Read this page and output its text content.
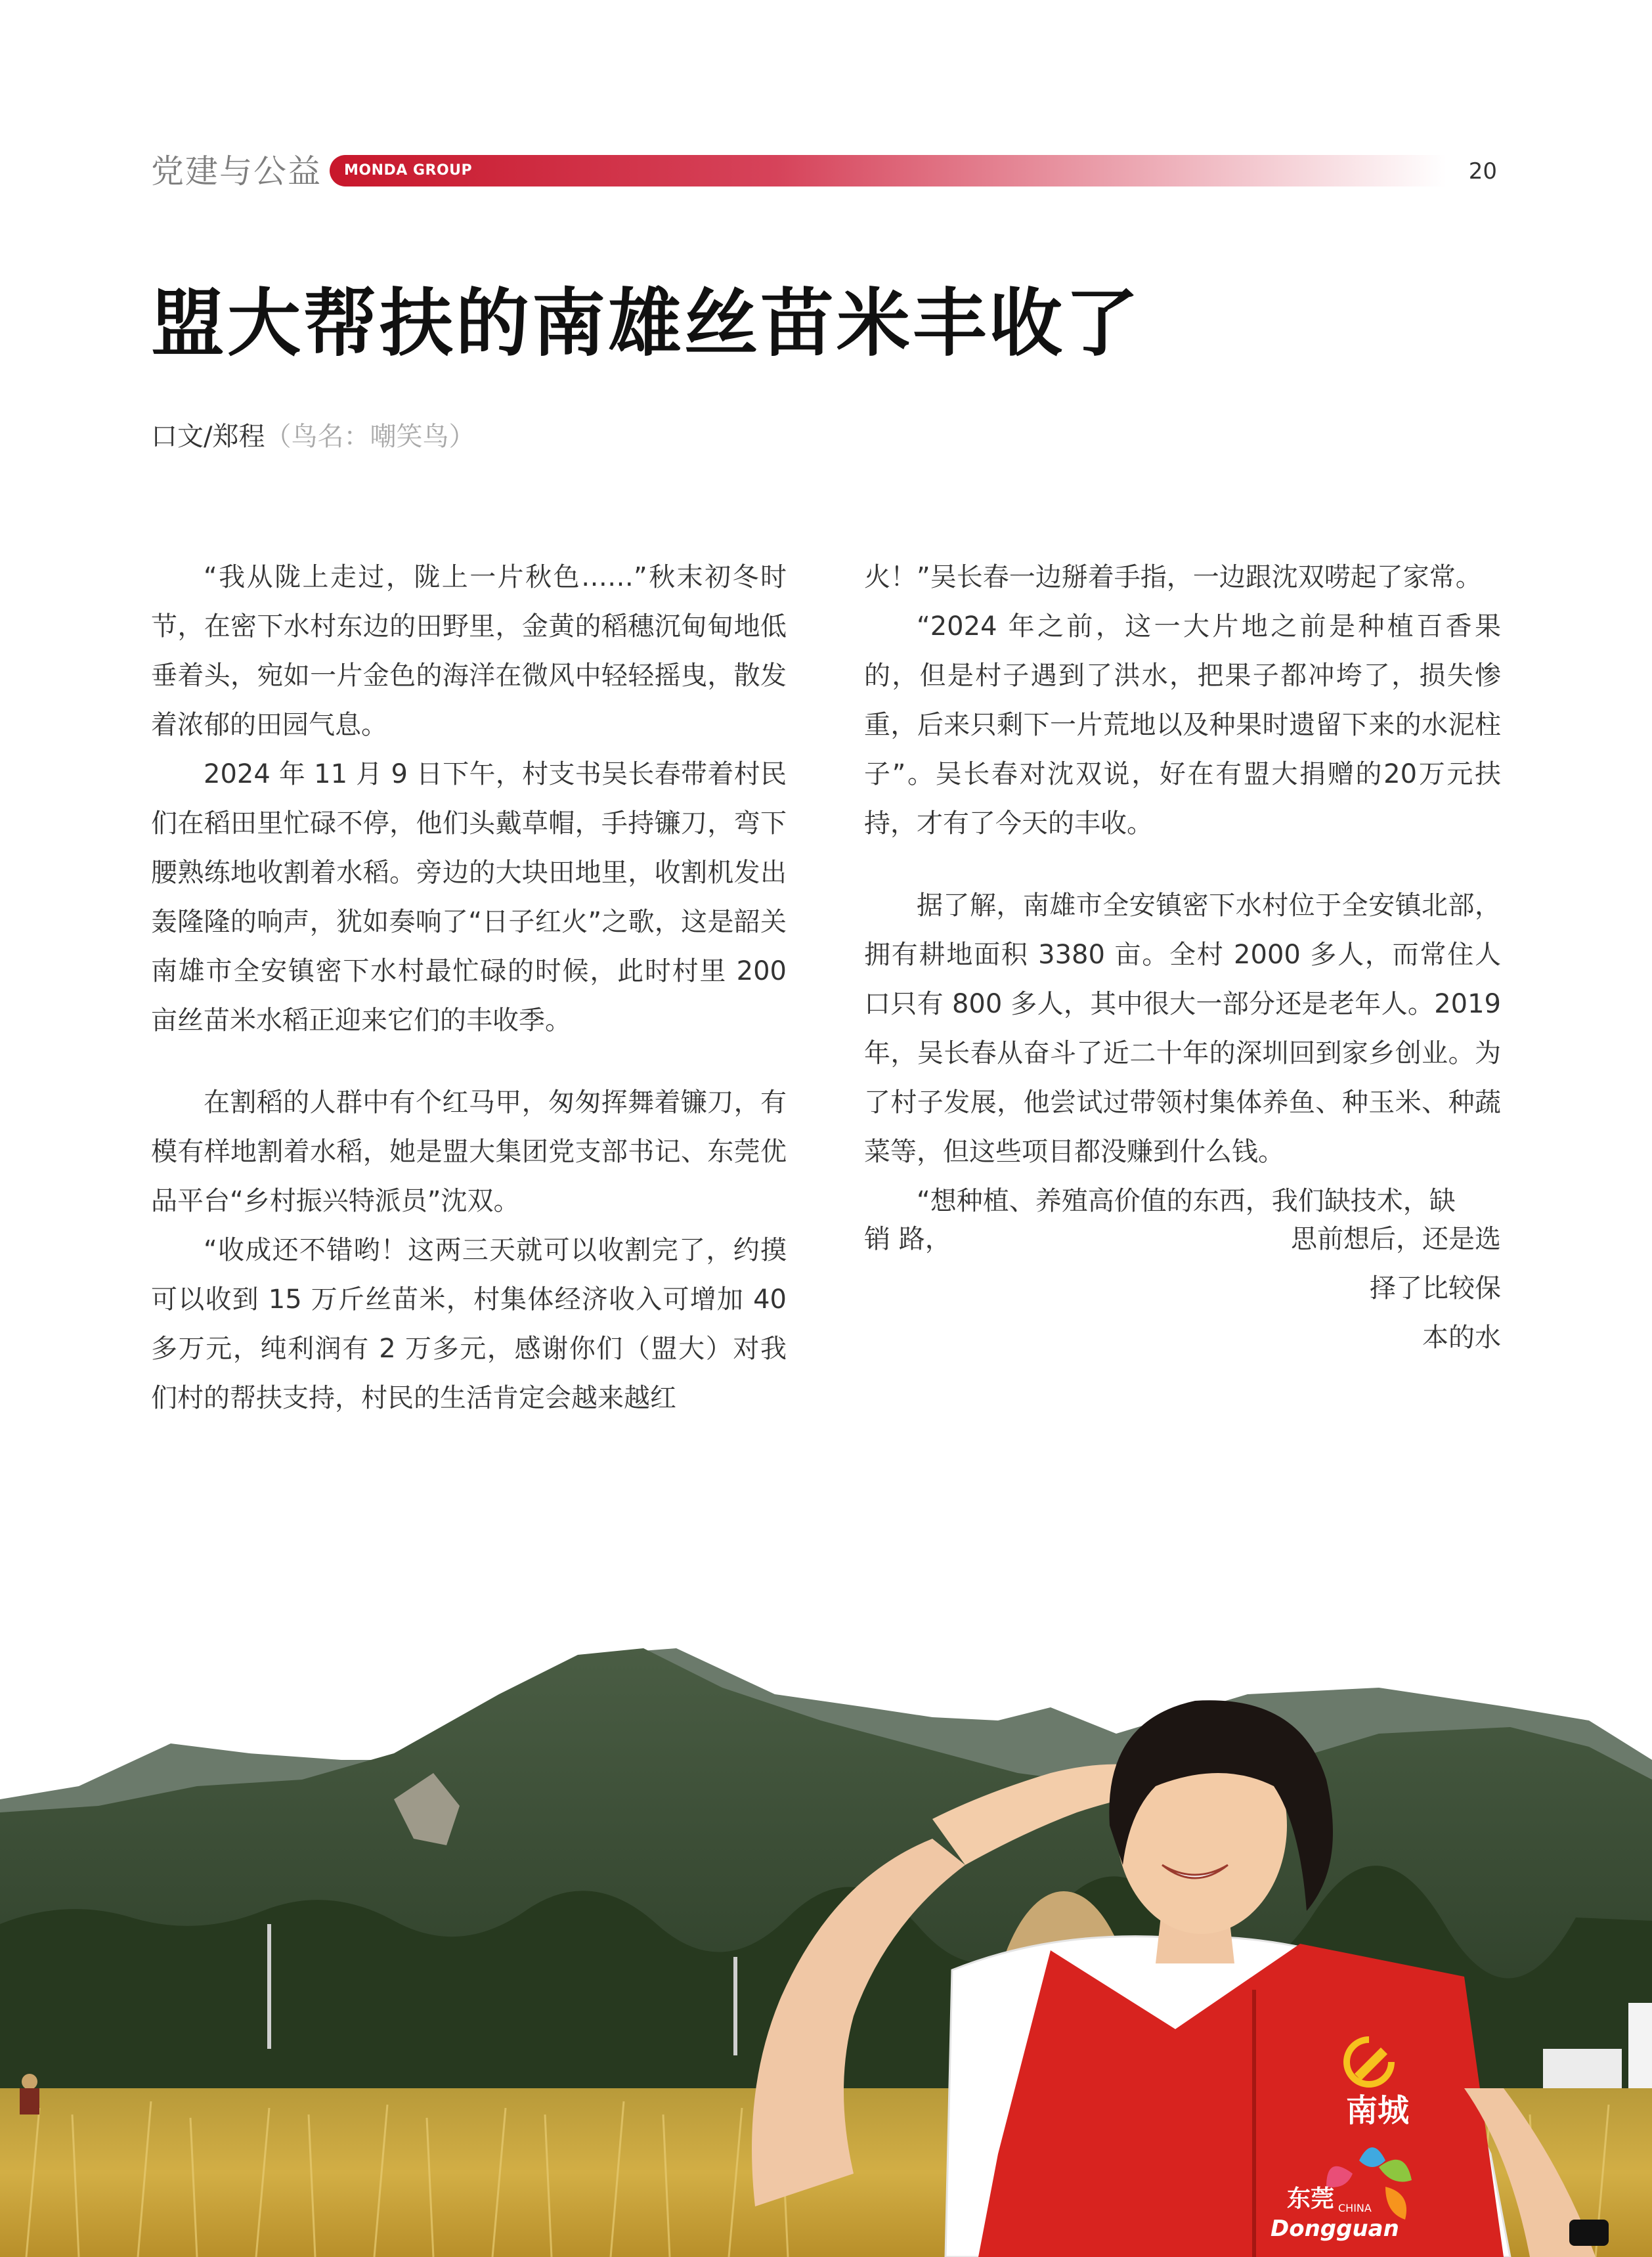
党建与公益 MONDA GROUP	20
盟大帮扶的南雄丝苗米丰收了
口文/郑程（鸟名：嘲笑鸟）

“我从陇上走过，陇上一片秋色……”秋末初冬时节，在密下水村东边的田野里，金黄的稻穗沉甸甸地低垂着头，宛如一片金色的海洋在微风中轻轻摇曳，散发着浓郁的田园气息。

2024 年 11 月 9 日下午，村支书吴长春带着村民们在稻田里忙碌不停，他们头戴草帽，手持镰刀，弯下腰熟练地收割着水稻。旁边的大块田地里，收割机发出轰隆隆的响声，犹如奏响了“日子红火”之歌，这是韶关南雄市全安镇密下水村最忙碌的时候，此时村里 200 亩丝苗米水稻正迎来它们的丰收季。

在割稻的人群中有个红马甲，匆匆挥舞着镰刀，有模有样地割着水稻，她是盟大集团党支部书记、东莞优品平台“乡村振兴特派员”沈双。

“收成还不错哟！这两三天就可以收割完了，约摸可以收到 15 万斤丝苗米，村集体经济收入可增加 40 多万元，纯利润有 2 万多元，感谢你们（盟大）对我们村的帮扶支持，村民的生活肯定会越来越红

火！”吴长春一边掰着手指，一边跟沈双唠起了家常。

“2024 年之前，这一大片地之前是种植百香果的，但是村子遇到了洪水，把果子都冲垮了，损失惨重，后来只剩下一片荒地以及种果时遗留下来的水泥柱子”。吴长春对沈双说，好在有盟大捐赠的20万元扶持，才有了今天的丰收。

据了解，南雄市全安镇密下水村位于全安镇北部，拥有耕地面积 3380 亩。全村 2000 多人，而常住人口只有 800 多人，其中很大一部分还是老年人。2019 年，吴长春从奋斗了近二十年的深圳回到家乡创业。为了村子发展，他尝试过带领村集体养鱼、种玉米、种蔬菜等，但这些项目都没赚到什么钱。

“想种植、养殖高价值的东西，我们缺技术，缺

销 路，	思前想后，还是选
择了比较保
本的水
南城
东莞 CHINA
Dongguan
